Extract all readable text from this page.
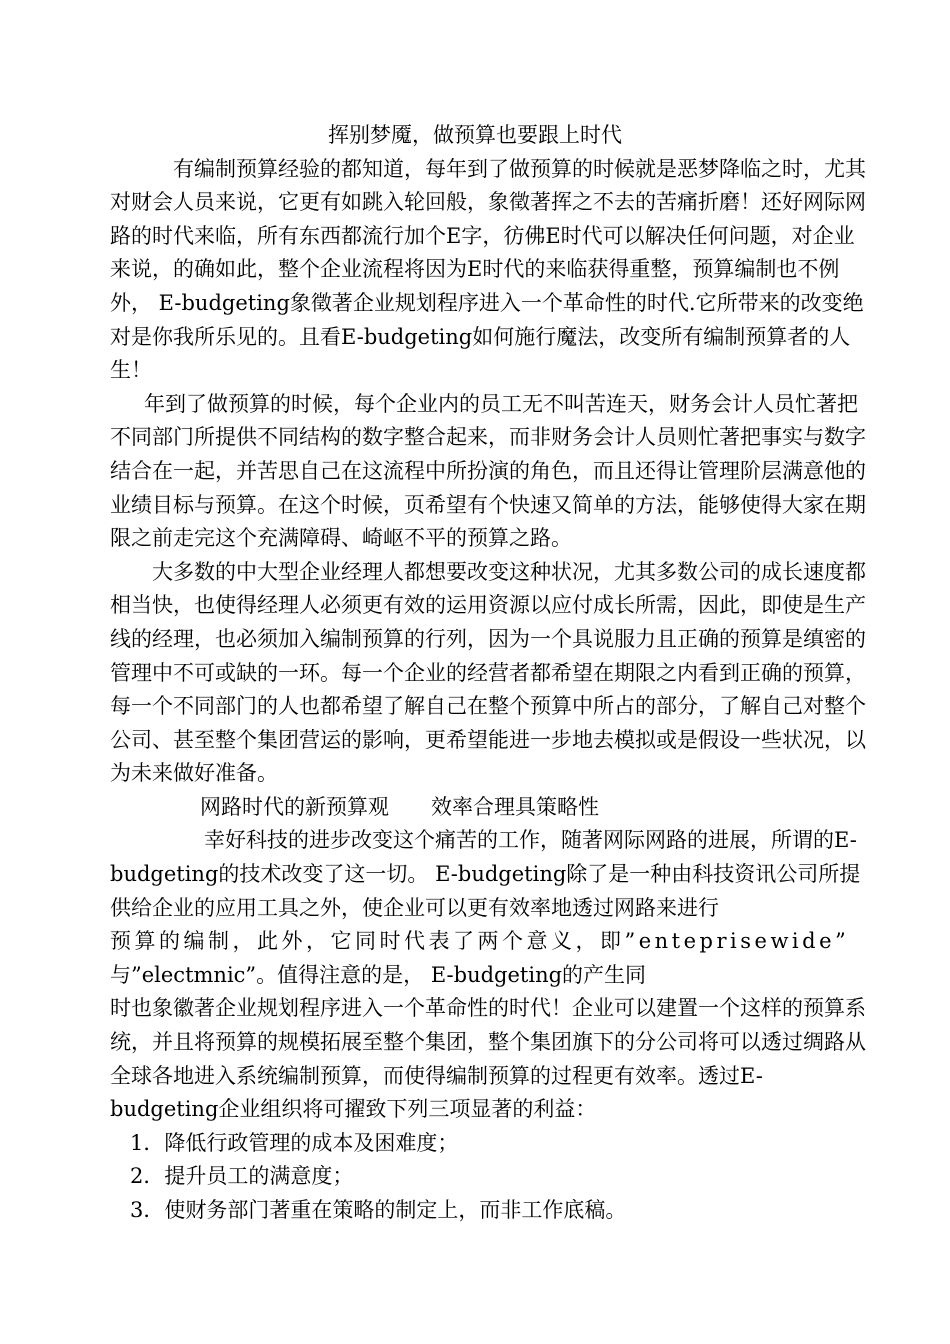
挥别梦魇，做预算也要跟上时代

有编制预算经验的都知道，每年到了做预算的时候就是恶梦降临之时，尤其对财会人员来说，它更有如跳入轮回般，象徵著挥之不去的苦痛折磨！还好网际网路的时代来临，所有东西都流行加个E字，彷佛E时代可以解决任何问题，对企业来说，的确如此，整个企业流程将因为E时代的来临获得重整，预算编制也不例外， E-budgeting象徵著企业规划程序进入一个革命性的时代.它所带来的改变绝对是你我所乐见的。且看E-budgeting如何施行魔法，改变所有编制预算者的人生！

年到了做预算的时候，每个企业内的员工无不叫苦连天，财务会计人员忙著把不同部门所提供不同结构的数字整合起来，而非财务会计人员则忙著把事实与数字结合在一起，并苦思自己在这流程中所扮演的角色，而且还得让管理阶层满意他的业绩目标与预算。在这个时候，页希望有个快速又简单的方法，能够使得大家在期限之前走完这个充满障碍、崎岖不平的预算之路。

大多数的中大型企业经理人都想要改变这种状况，尤其多数公司的成长速度都相当快，也使得经理人必须更有效的运用资源以应付成长所需，因此，即使是生产线的经理，也必须加入编制预算的行列，因为一个具说服力且正确的预算是缜密的管理中不可或缺的一环。每一个企业的经营者都希望在期限之内看到正确的预算，每一个不同部门的人也都希望了解自己在整个预算中所占的部分，了解自己对整个公司、甚至整个集团营运的影响，更希望能进一步地去模拟或是假设一些状况，以为未来做好准备。

网路时代的新预算观 效率合理具策略性

幸好科技的进步改变这个痛苦的工作，随著网际网路的进展，所谓的E-budgeting的技术改变了这一切。 E-budgeting除了是一种由科技资讯公司所提供给企业的应用工具之外，使企业可以更有效率地透过网路来进行

预算的编制，此外，它同时代表了两个意义，即”enteprisewide”

与”electmnic”。值得注意的是， E-budgeting的产生同

时也象徽著企业规划程序进入一个革命性的时代！企业可以建置一个这样的预算系统，并且将预算的规模拓展至整个集团，整个集团旗下的分公司将可以透过绸路从全球各地进入系统编制预算，而使得编制预算的过程更有效率。透过E-budgeting企业组织将可擢致下列三项显著的利益：

1．降低行政管理的成本及困难度；

2．提升员工的满意度；

3．使财务部门著重在策略的制定上，而非工作底稿。
